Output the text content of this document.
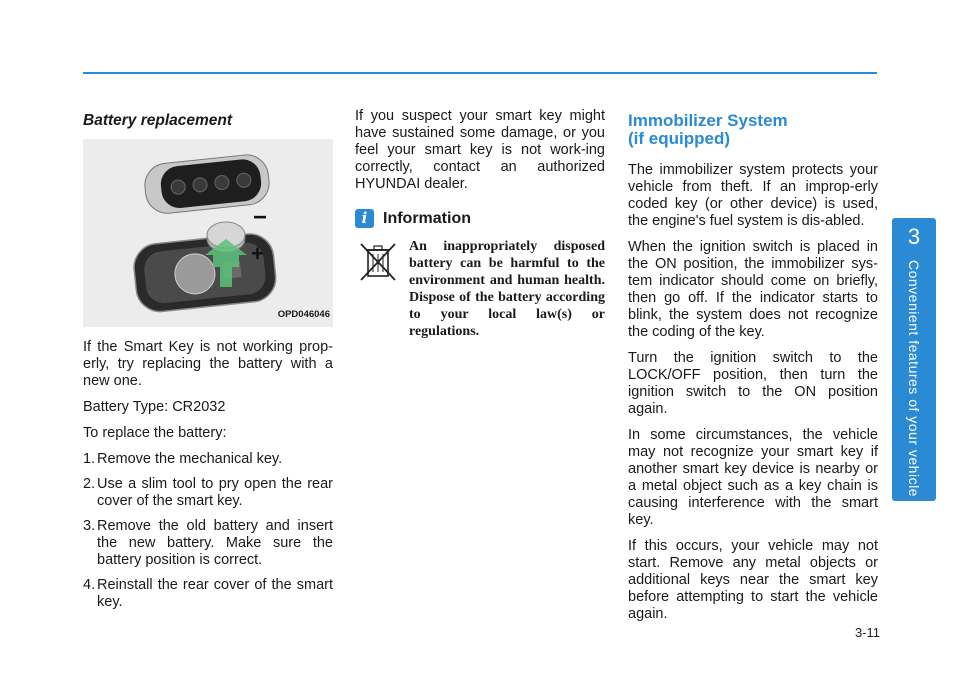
3
Convenient features of your vehicle
Battery replacement
−
+
OPD046046

If the Smart Key is not working prop-erly, try replacing the battery with a new one.

Battery Type: CR2032

To replace the battery:

1. Remove the mechanical key.
2. Use a slim tool to pry open the rear cover of the smart key.
3. Remove the old battery and insert the new battery. Make sure the battery position is correct.
4. Reinstall the rear cover of the smart key.

If you suspect your smart key might have sustained some damage, or you feel your smart key is not work-ing correctly, contact an authorized HYUNDAI dealer.

i Information
An inappropriately disposed battery can be harmful to the environment and human health. Dispose of the battery according to your local law(s) or regulations.
Immobilizer System
(if equipped)

The immobilizer system protects your vehicle from theft. If an improp-erly coded key (or other device) is used, the engine's fuel system is dis-abled.

When the ignition switch is placed in the ON position, the immobilizer sys-tem indicator should come on briefly, then go off. If the indicator starts to blink, the system does not recognize the coding of the key.

Turn the ignition switch to the LOCK/OFF position, then turn the ignition switch to the ON position again.

In some circumstances, the vehicle may not recognize your smart key if another smart key device is nearby or a metal object such as a key chain is causing interference with the smart key.

If this occurs, your vehicle may not start. Remove any metal objects or additional keys near the smart key before attempting to start the vehicle again.

3-11
